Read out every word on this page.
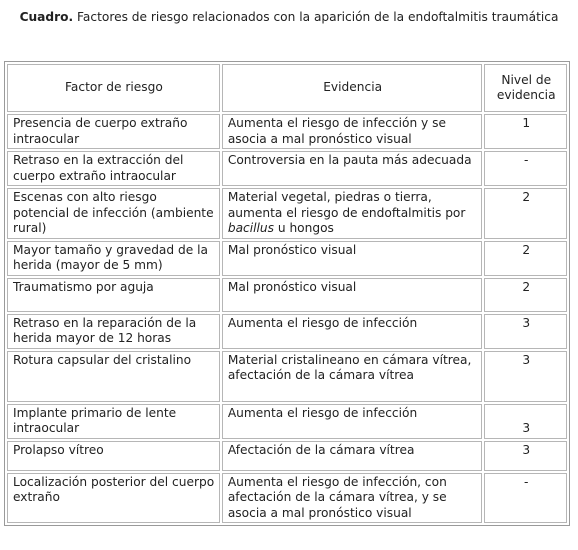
Cuadro. Factores de riesgo relacionados con la aparición de la endoftalmitis traumática
Factor de riesgo	Evidencia	Nivel de evidencia
Presencia de cuerpo extraño intraocular	Aumenta el riesgo de infección y se asocia a mal pronóstico visual	1
Retraso en la extracción del cuerpo extraño intraocular	Controversia en la pauta más adecuada	-
Escenas con alto riesgo potencial de infección (ambiente rural)	Material vegetal, piedras o tierra, aumenta el riesgo de endoftalmitis por bacillus u hongos	2
Mayor tamaño y gravedad de la herida (mayor de 5 mm)	Mal pronóstico visual	2
Traumatismo por aguja	Mal pronóstico visual	2
Retraso en la reparación de la herida mayor de 12 horas	Aumenta el riesgo de infección	3
Rotura capsular del cristalino	Material cristalineano en cámara vítrea, afectación de la cámara vítrea	3
Implante primario de lente intraocular	Aumenta el riesgo de infección	3
Prolapso vítreo	Afectación de la cámara vítrea	3
Localización posterior del cuerpo extraño	Aumenta el riesgo de infección, con afectación de la cámara vítrea, y se asocia a mal pronóstico visual	-
